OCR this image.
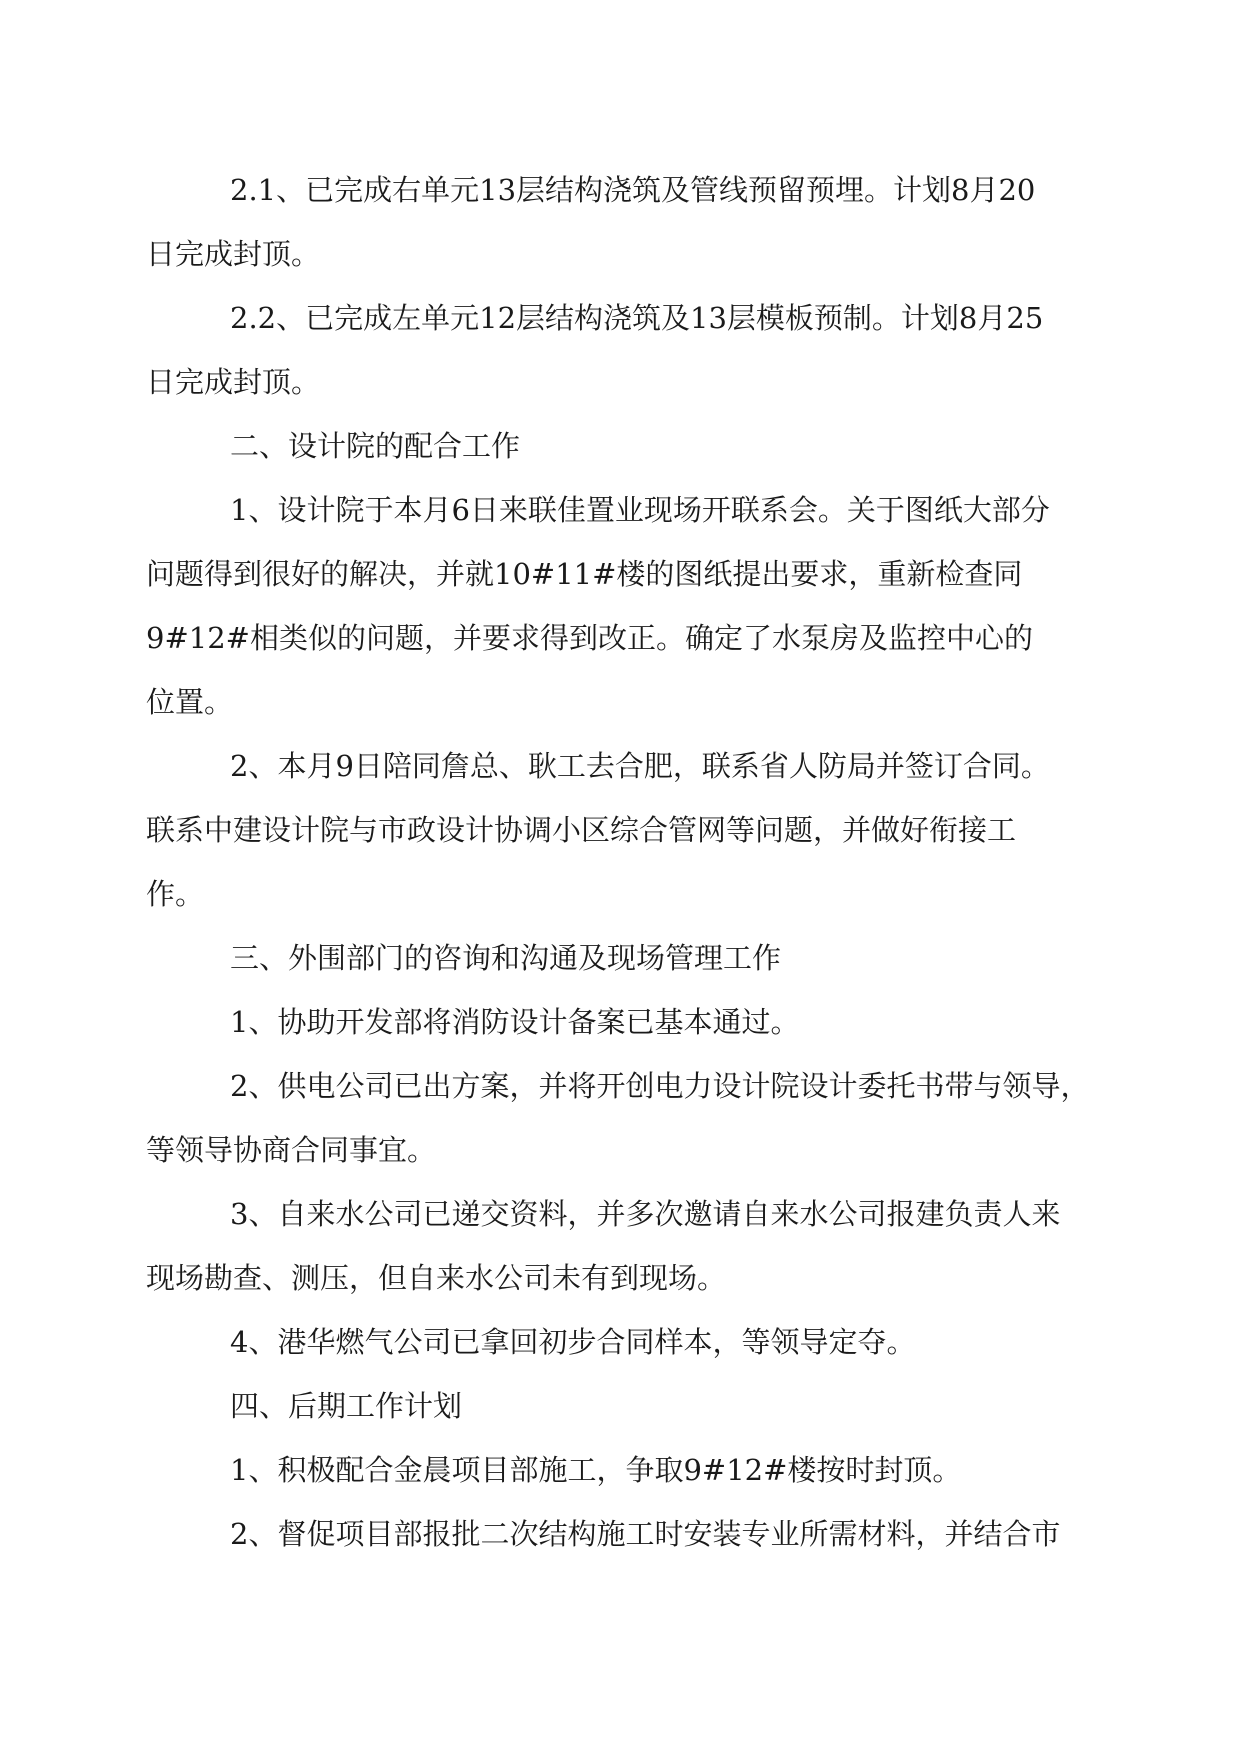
2.1、已完成右单元13层结构浇筑及管线预留预埋。计划8月20
日完成封顶。

2.2、已完成左单元12层结构浇筑及13层模板预制。计划8月25
日完成封顶。

二、设计院的配合工作

1、设计院于本月6日来联佳置业现场开联系会。关于图纸大部分
问题得到很好的解决，并就10#11#楼的图纸提出要求，重新检查同
9#12#相类似的问题，并要求得到改正。确定了水泵房及监控中心的
位置。

2、本月9日陪同詹总、耿工去合肥，联系省人防局并签订合同。
联系中建设计院与市政设计协调小区综合管网等问题，并做好衔接工
作。

三、外围部门的咨询和沟通及现场管理工作

1、协助开发部将消防设计备案已基本通过。

2、供电公司已出方案，并将开创电力设计院设计委托书带与领导，
等领导协商合同事宜。

3、自来水公司已递交资料，并多次邀请自来水公司报建负责人来
现场勘查、测压，但自来水公司未有到现场。

4、港华燃气公司已拿回初步合同样本，等领导定夺。

四、后期工作计划

1、积极配合金晨项目部施工，争取9#12#楼按时封顶。

2、督促项目部报批二次结构施工时安装专业所需材料，并结合市
